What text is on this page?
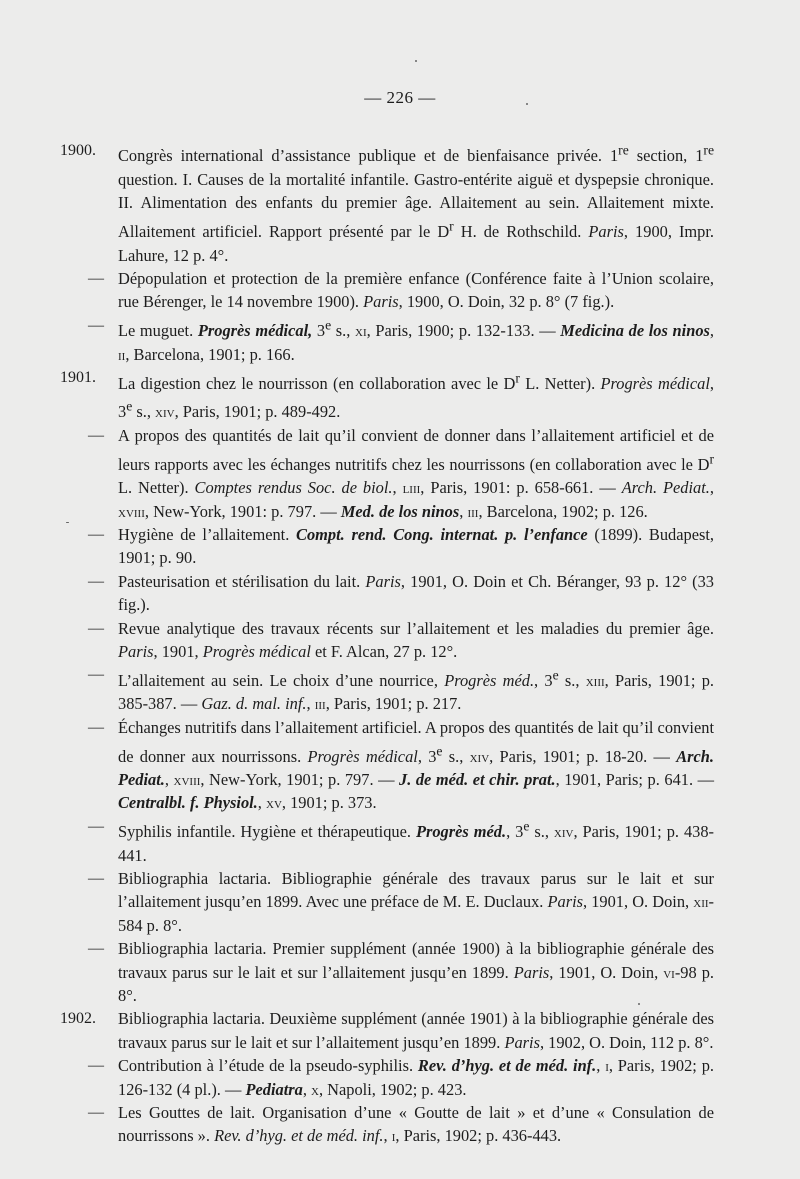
— 226 —

1900.	Congrès international d’assistance publique et de bienfaisance privée. 1re section, 1re question. I. Causes de la mortalité infantile. Gastro-entérite aiguë et dyspepsie chronique. II. Alimentation des enfants du premier âge. Allaitement au sein. Allaitement mixte. Allaitement artificiel. Rapport présenté par le $D^r$ H. de Rothschild. Paris, 1900, Impr. Lahure, 12 p. 4°.

— Dépopulation et protection de la première enfance (Conférence faite à l’Union scolaire, rue Bérenger, le 14 novembre 1900). Paris, 1900, O. Doin, 32 p. 8° (7 fig.).

— Le muguet. Progrès médical, 3e s., xi, Paris, 1900; p. 132-133. — Medicina de los ninos, ii, Barcelona, 1901; p. 166.

1901.	La digestion chez le nourrisson (en collaboration avec le $D^r$ L. Netter). Progrès médical, 3e s., xiv, Paris, 1901; p. 489-492.

— A propos des quantités de lait qu’il convient de donner dans l’allaitement artificiel et de leurs rapports avec les échanges nutritifs chez les nourrissons (en collaboration avec le $D^r$ L. Netter). Comptes rendus Soc. de biol., liii, Paris, 1901: p. 658-661. — Arch. Pediat., xviii, New-York, 1901: p. 797. — Med. de los ninos, iii, Barcelona, 1902; p. 126.

— Hygiène de l’allaitement. Compt. rend. Cong. internat. p. l’enfance (1899). Budapest, 1901; p. 90.

— Pasteurisation et stérilisation du lait. Paris, 1901, O. Doin et Ch. Béranger, 93 p. 12° (33 fig.).

— Revue analytique des travaux récents sur l’allaitement et les maladies du premier âge. Paris, 1901, Progrès médical et F. Alcan, 27 p. 12°.

— L’allaitement au sein. Le choix d’une nourrice, Progrès méd., 3e s., xiii, Paris, 1901; p. 385-387. — Gaz. d. mal. inf., iii, Paris, 1901; p. 217.

— Échanges nutritifs dans l’allaitement artificiel. A propos des quantités de lait qu’il convient de donner aux nourrissons. Progrès médical, 3e s., xiv, Paris, 1901; p. 18-20. — Arch. Pediat., xviii, New-York, 1901; p. 797. — J. de méd. et chir. prat., 1901, Paris; p. 641. — Centralbl. f. Physiol., xv, 1901; p. 373.

— Syphilis infantile. Hygiène et thérapeutique. Progrès méd., 3e s., xiv, Paris, 1901; p. 438-441.

— Bibliographia lactaria. Bibliographie générale des travaux parus sur le lait et sur l’allaitement jusqu’en 1899. Avec une préface de M. E. Duclaux. Paris, 1901, O. Doin, xii-584 p. 8°.

— Bibliographia lactaria. Premier supplément (année 1900) à la bibliographie générale des travaux parus sur le lait et sur l’allaitement jusqu’en 1899. Paris, 1901, O. Doin, vi-98 p. 8°.

1902.	Bibliographia lactaria. Deuxième supplément (année 1901) à la bibliographie générale des travaux parus sur le lait et sur l’allaitement jusqu’en 1899. Paris, 1902, O. Doin, 112 p. 8°.

— Contribution à l’étude de la pseudo-syphilis. Rev. d’hyg. et de méd. inf., i, Paris, 1902; p. 126-132 (4 pl.). — Pediatra, x, Napoli, 1902; p. 423.

— Les Gouttes de lait. Organisation d’une « Goutte de lait » et d’une « Consulation de nourrissons ». Rev. d’hyg. et de méd. inf., i, Paris, 1902; p. 436-443.
